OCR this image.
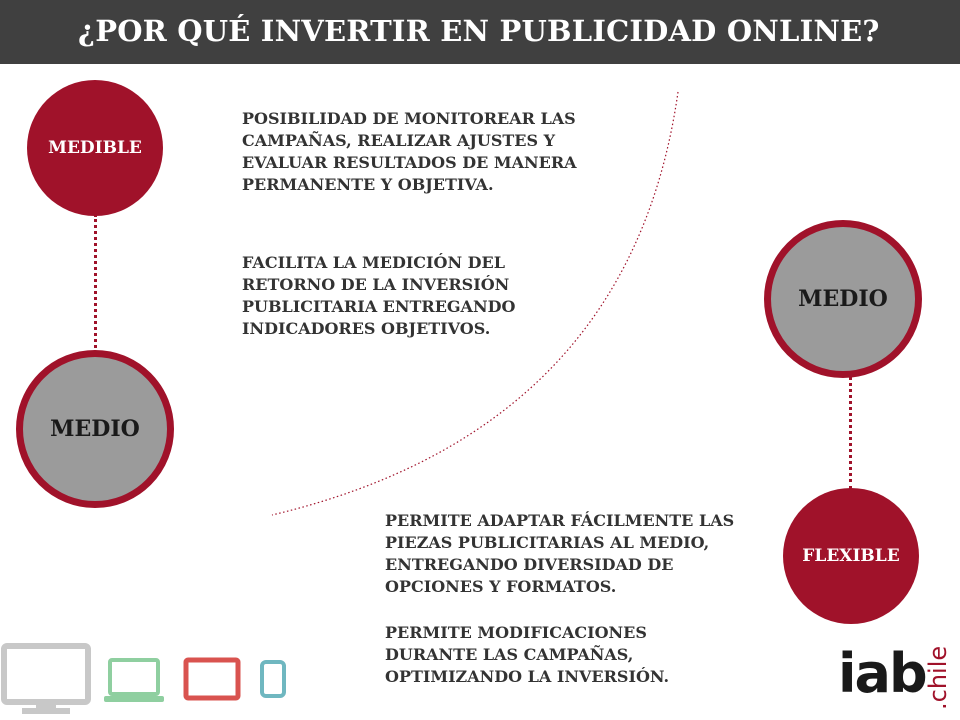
¿POR QUÉ INVERTIR EN PUBLICIDAD ONLINE?
MEDIBLE
MEDIO
MEDIO
FLEXIBLE

POSIBILIDAD DE MONITOREAR LAS CAMPAÑAS, REALIZAR AJUSTES Y EVALUAR RESULTADOS DE MANERA PERMANENTE Y OBJETIVA.

FACILITA LA MEDICIÓN DEL RETORNO DE LA INVERSIÓN PUBLICITARIA ENTREGANDO INDICADORES OBJETIVOS.

PERMITE ADAPTAR FÁCILMENTE LAS PIEZAS PUBLICITARIAS AL MEDIO, ENTREGANDO DIVERSIDAD DE OPCIONES Y FORMATOS.

PERMITE MODIFICACIONES DURANTE LAS CAMPAÑAS, OPTIMIZANDO LA INVERSIÓN.	iab
.chile
